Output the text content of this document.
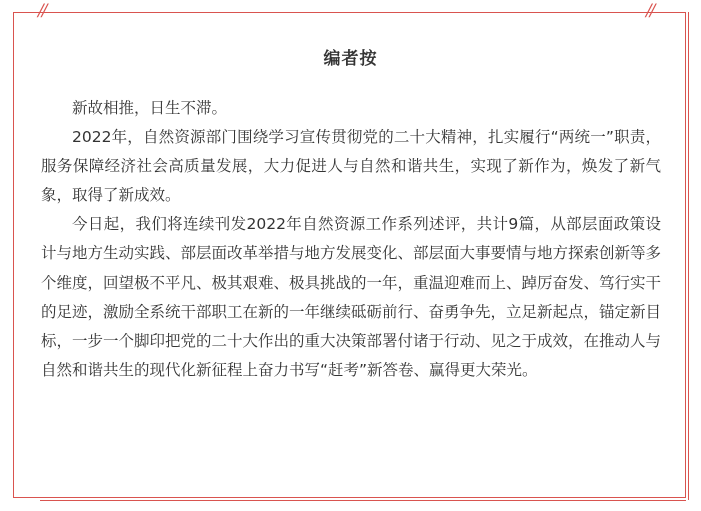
//	//
编者按

新故相推，日生不滞。

2022年，自然资源部门围绕学习宣传贯彻党的二十大精神，扎实履行“两统一”职责，服务保障经济社会高质量发展，大力促进人与自然和谐共生，实现了新作为，焕发了新气象，取得了新成效。

今日起，我们将连续刊发2022年自然资源工作系列述评，共计9篇，从部层面政策设计与地方生动实践、部层面改革举措与地方发展变化、部层面大事要情与地方探索创新等多个维度，回望极不平凡、极其艰难、极具挑战的一年，重温迎难而上、踔厉奋发、笃行实干的足迹，激励全系统干部职工在新的一年继续砥砺前行、奋勇争先，立足新起点，锚定新目标，一步一个脚印把党的二十大作出的重大决策部署付诸于行动、见之于成效，在推动人与自然和谐共生的现代化新征程上奋力书写“赶考”新答卷、赢得更大荣光。
